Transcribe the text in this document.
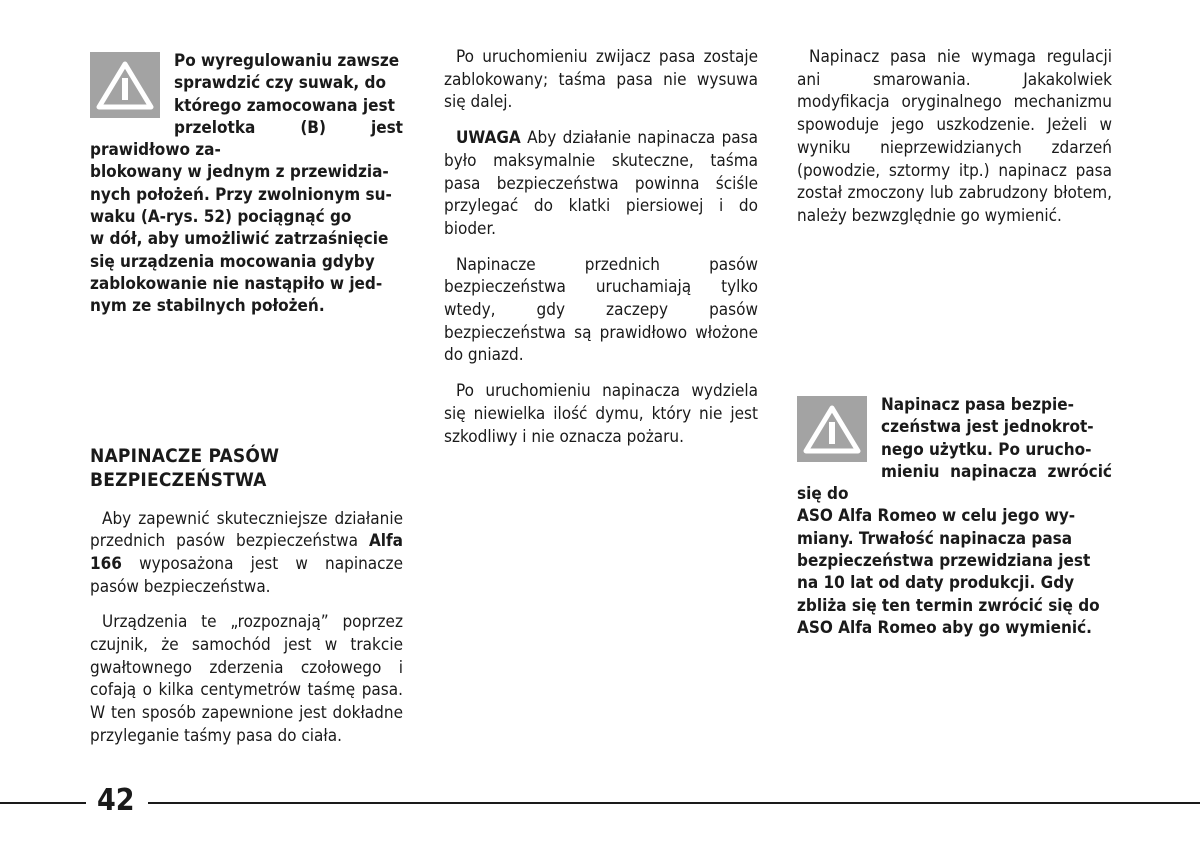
Po wyregulowaniu zawsze
sprawdzić czy suwak, do
którego zamocowana jest
przelotka (B) jest prawidłowo za-
blokowany w jednym z przewidzia-
nych położeń. Przy zwolnionym su-
waku (A-rys. 52) pociągnąć go
w dół, aby umożliwić zatrzaśnięcie
się urządzenia mocowania gdyby
zablokowanie nie nastąpiło w jed-
nym ze stabilnych położeń.
NAPINACZE PASÓW
BEZPIECZEŃSTWA

Aby zapewnić skuteczniejsze działanie przednich pasów bezpieczeństwa Alfa 166 wyposażona jest w napinacze pasów bezpieczeństwa.

Urządzenia te „rozpoznają” poprzez czujnik, że samochód jest w trakcie gwałtownego zderzenia czołowego i cofają o kilka centymetrów taśmę pasa. W ten sposób zapewnione jest dokładne przyleganie taśmy pasa do ciała.

Po uruchomieniu zwijacz pasa zostaje zablokowany; taśma pasa nie wysuwa się dalej.

UWAGA Aby działanie napinacza pasa było maksymalnie skuteczne, taśma pasa bezpieczeństwa powinna ściśle przylegać do klatki piersiowej i do bioder.

Napinacze przednich pasów bezpieczeństwa uruchamiają tylko wtedy, gdy zaczepy pasów bezpieczeństwa są prawidłowo włożone do gniazd.

Po uruchomieniu napinacza wydziela się niewielka ilość dymu, który nie jest szkodliwy i nie oznacza pożaru.

Napinacz pasa nie wymaga regulacji ani smarowania. Jakakolwiek modyfikacja oryginalnego mechanizmu spowoduje jego uszkodzenie. Jeżeli w wyniku nieprzewidzianych zdarzeń (powodzie, sztormy itp.) napinacz pasa został zmoczony lub zabrudzony błotem, należy bezwzględnie go wymienić.

Napinacz pasa bezpie-
czeństwa jest jednokrot-
nego użytku. Po urucho-
mieniu napinacza zwrócić się do
ASO Alfa Romeo w celu jego wy-
miany. Trwałość napinacza pasa
bezpieczeństwa przewidziana jest
na 10 lat od daty produkcji. Gdy
zbliża się ten termin zwrócić się do
ASO Alfa Romeo aby go wymienić.
42
